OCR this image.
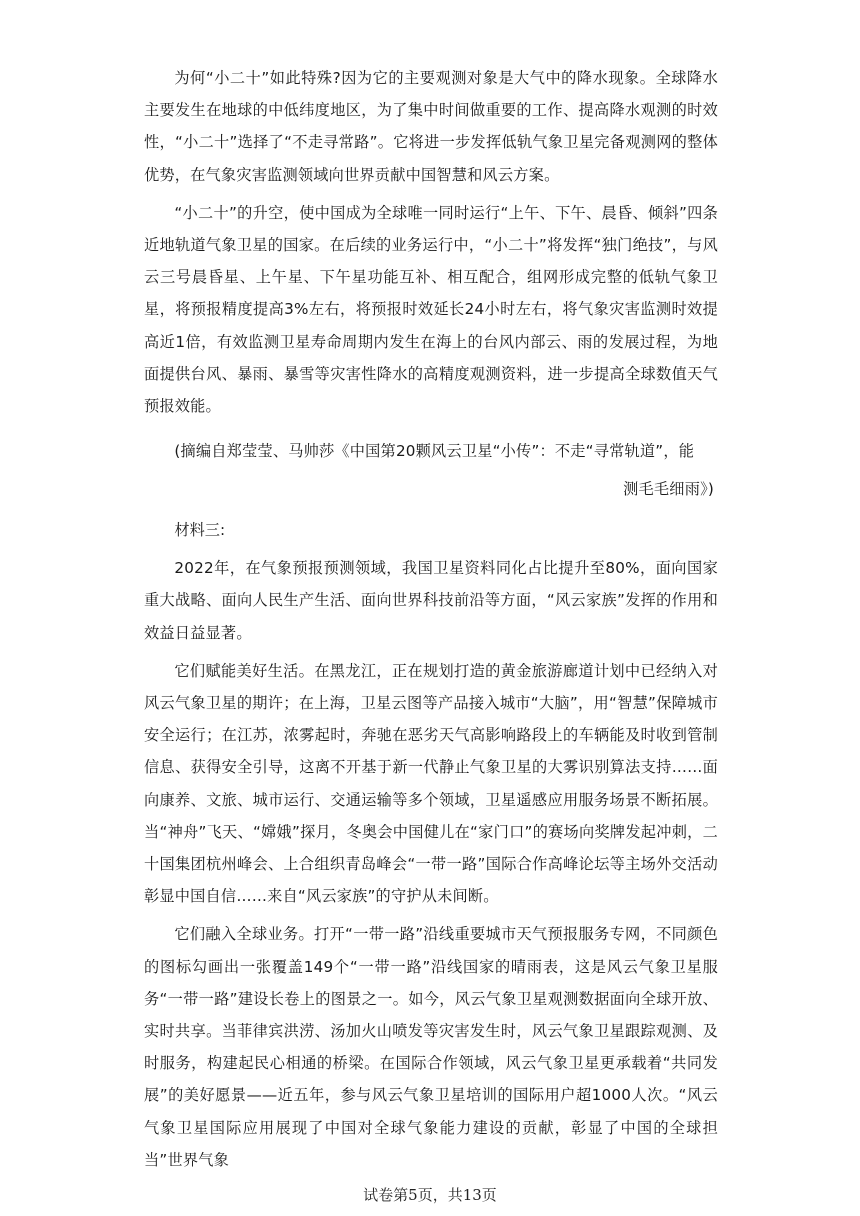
为何“小二十”如此特殊?因为它的主要观测对象是大气中的降水现象。全球降水主要发生在地球的中低纬度地区，为了集中时间做重要的工作、提高降水观测的时效性，“小二十”选择了“不走寻常路”。它将进一步发挥低轨气象卫星完备观测网的整体优势，在气象灾害监测领域向世界贡献中国智慧和风云方案。

“小二十”的升空，使中国成为全球唯一同时运行“上午、下午、晨昏、倾斜”四条近地轨道气象卫星的国家。在后续的业务运行中，“小二十”将发挥“独门绝技”，与风云三号晨昏星、上午星、下午星功能互补、相互配合，组网形成完整的低轨气象卫星，将预报精度提高3%左右，将预报时效延长24小时左右，将气象灾害监测时效提高近1倍，有效监测卫星寿命周期内发生在海上的台风内部云、雨的发展过程，为地面提供台风、暴雨、暴雪等灾害性降水的高精度观测资料，进一步提高全球数值天气预报效能。

(摘编自郑莹莹、马帅莎《中国第20颗风云卫星“小传”：不走“寻常轨道”，能
测毛毛细雨》)

材料三:

2022年，在气象预报预测领域，我国卫星资料同化占比提升至80%，面向国家重大战略、面向人民生产生活、面向世界科技前沿等方面，“风云家族”发挥的作用和效益日益显著。

它们赋能美好生活。在黑龙江，正在规划打造的黄金旅游廊道计划中已经纳入对风云气象卫星的期许；在上海，卫星云图等产品接入城市“大脑”，用“智慧”保障城市安全运行；在江苏，浓雾起时，奔驰在恶劣天气高影响路段上的车辆能及时收到管制信息、获得安全引导，这离不开基于新一代静止气象卫星的大雾识别算法支持……面向康养、文旅、城市运行、交通运输等多个领域，卫星遥感应用服务场景不断拓展。当“神舟”飞天、“嫦娥”探月，冬奥会中国健儿在“家门口”的赛场向奖牌发起冲刺，二十国集团杭州峰会、上合组织青岛峰会“一带一路”国际合作高峰论坛等主场外交活动彰显中国自信……来自“风云家族”的守护从未间断。

它们融入全球业务。打开“一带一路”沿线重要城市天气预报服务专网，不同颜色的图标勾画出一张覆盖149个“一带一路”沿线国家的晴雨表，这是风云气象卫星服务“一带一路”建设长卷上的图景之一。如今，风云气象卫星观测数据面向全球开放、实时共享。当菲律宾洪涝、汤加火山喷发等灾害发生时，风云气象卫星跟踪观测、及时服务，构建起民心相通的桥梁。在国际合作领域，风云气象卫星更承载着“共同发展”的美好愿景——近五年，参与风云气象卫星培训的国际用户超1000人次。“风云气象卫星国际应用展现了中国对全球气象能力建设的贡献，彰显了中国的全球担当”世界气象

试卷第5页，共13页
